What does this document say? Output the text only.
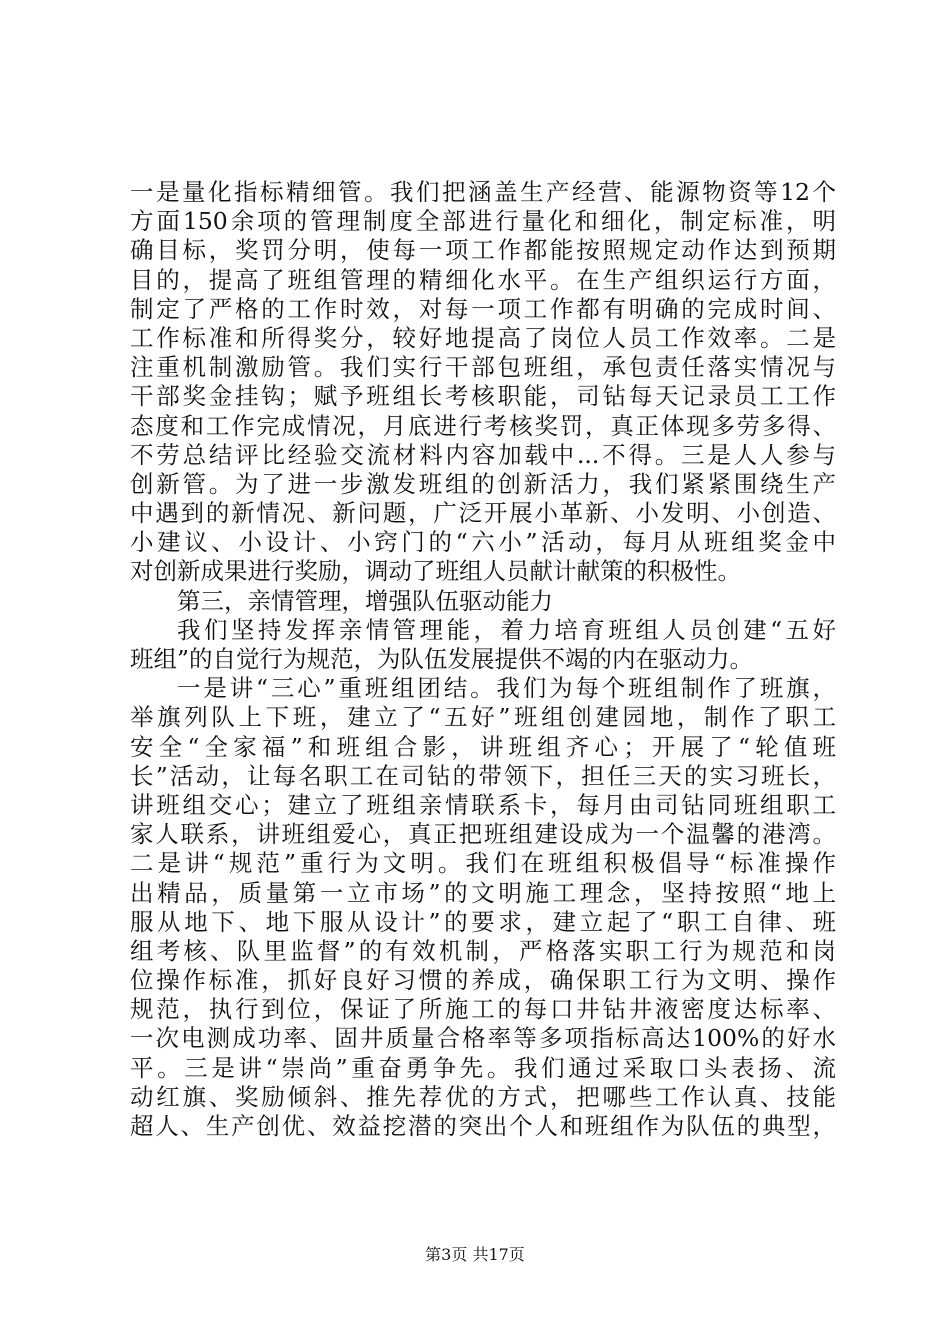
一是量化指标精细管。我们把涵盖生产经营、能源物资等12个
方面150余项的管理制度全部进行量化和细化，制定标准，明
确目标，奖罚分明，使每一项工作都能按照规定动作达到预期
目的，提高了班组管理的精细化水平。在生产组织运行方面，
制定了严格的工作时效，对每一项工作都有明确的完成时间、
工作标准和所得奖分，较好地提高了岗位人员工作效率。二是
注重机制激励管。我们实行干部包班组，承包责任落实情况与
干部奖金挂钩；赋予班组长考核职能，司钻每天记录员工工作
态度和工作完成情况，月底进行考核奖罚，真正体现多劳多得、
不劳总结评比经验交流材料内容加载中...不得。三是人人参与
创新管。为了进一步激发班组的创新活力，我们紧紧围绕生产
中遇到的新情况、新问题，广泛开展小革新、小发明、小创造、
小建议、小设计、小窍门的“六小”活动，每月从班组奖金中
对创新成果进行奖励，调动了班组人员献计献策的积极性。
第三，亲情管理，增强队伍驱动能力
我们坚持发挥亲情管理能，着力培育班组人员创建“五好
班组”的自觉行为规范，为队伍发展提供不竭的内在驱动力。
一是讲“三心”重班组团结。我们为每个班组制作了班旗，
举旗列队上下班，建立了“五好”班组创建园地，制作了职工
安全“全家福”和班组合影，讲班组齐心；开展了“轮值班
长”活动，让每名职工在司钻的带领下，担任三天的实习班长，
讲班组交心；建立了班组亲情联系卡，每月由司钻同班组职工
家人联系，讲班组爱心，真正把班组建设成为一个温馨的港湾。
二是讲“规范”重行为文明。我们在班组积极倡导“标准操作
出精品，质量第一立市场”的文明施工理念，坚持按照“地上
服从地下、地下服从设计”的要求，建立起了“职工自律、班
组考核、队里监督”的有效机制，严格落实职工行为规范和岗
位操作标准，抓好良好习惯的养成，确保职工行为文明、操作
规范，执行到位，保证了所施工的每口井钻井液密度达标率、
一次电测成功率、固井质量合格率等多项指标高达100%的好水
平。三是讲“崇尚”重奋勇争先。我们通过采取口头表扬、流
动红旗、奖励倾斜、推先荐优的方式，把哪些工作认真、技能
超人、生产创优、效益挖潜的突出个人和班组作为队伍的典型，
第3页 共17页
